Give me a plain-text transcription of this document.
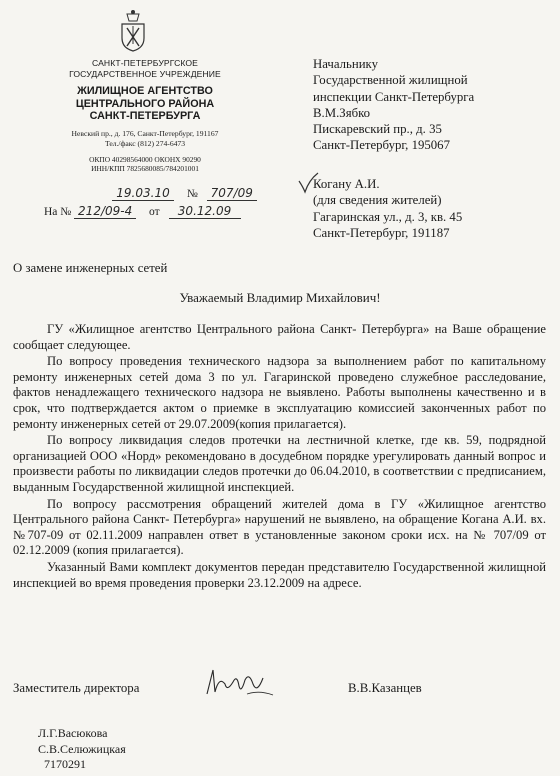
САНКТ-ПЕТЕРБУРГСКОЕ
ГОСУДАРСТВЕННОЕ УЧРЕЖДЕНИЕ
ЖИЛИЩНОЕ АГЕНТСТВО
ЦЕНТРАЛЬНОГО РАЙОНА
САНКТ-ПЕТЕРБУРГА
Невский пр., д. 176, Санкт-Петербург, 191167
Тел./факс (812) 274-6473
ОКПО 40298564000 ОКОНХ 90290
ИНН/КПП 7825680085/784201001
19.03.10 № 707/09
На № 212/09-4 от 30.12.09
Начальнику
Государственной жилищной
инспекции Санкт-Петербурга
В.М.Зябко
Пискаревский пр., д. 35
Санкт-Петербург, 195067
Когану А.И.
(для сведения жителей)
Гагаринская ул., д. 3, кв. 45
Санкт-Петербург, 191187
О замене инженерных сетей
Уважаемый Владимир Михайлович!

ГУ «Жилищное агентство Центрального района Санкт- Петербурга» на Ваше обращение сообщает следующее.

По вопросу проведения технического надзора за выполнением работ по капитальному ремонту инженерных сетей дома 3 по ул. Гагаринской проведено служебное расследование, фактов ненадлежащего технического надзора не выявлено. Работы выполнены качественно и в срок, что подтверждается актом о приемке в эксплуатацию комиссией законченных работ по ремонту инженерных сетей от 29.07.2009(копия прилагается).

По вопросу ликвидация следов протечки на лестничной клетке, где кв. 59, подрядной организацией ООО «Норд» рекомендовано в досудебном порядке урегулировать данный вопрос и произвести работы по ликвидации следов протечки до 06.04.2010, в соответствии с предписанием, выданным Государственной жилищной инспекцией.

По вопросу рассмотрения обращений жителей дома в ГУ «Жилищное агентство Центрального района Санкт- Петербурга» нарушений не выявлено, на обращение Когана А.И. вх.№707-09 от 02.11.2009 направлен ответ в установленные законом сроки исх. на № 707/09 от 02.12.2009 (копия прилагается).

Указанный Вами комплект документов передан представителю Государственной жилищной инспекцией во время проведения проверки 23.12.2009 на адресе.

Заместитель директора	В.В.Казанцев
Л.Г.Васюкова
С.В.Селюжицкая
7170291
